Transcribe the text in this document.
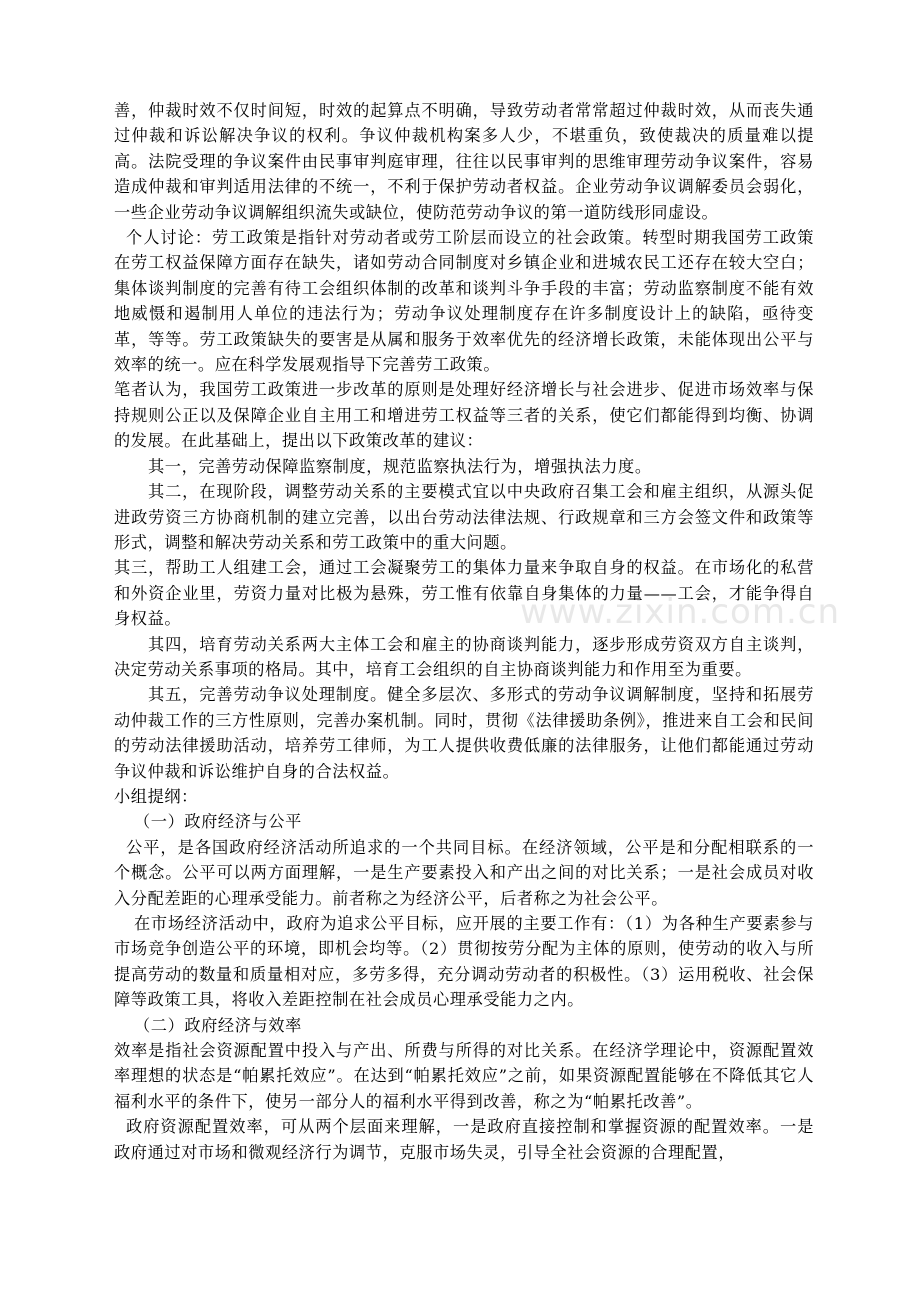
www.zixin.com.cn

善，仲裁时效不仅时间短，时效的起算点不明确，导致劳动者常常超过仲裁时效，从而丧失通过仲裁和诉讼解决争议的权利。争议仲裁机构案多人少，不堪重负，致使裁决的质量难以提高。法院受理的争议案件由民事审判庭审理，往往以民事审判的思维审理劳动争议案件，容易造成仲裁和审判适用法律的不统一，不利于保护劳动者权益。企业劳动争议调解委员会弱化，一些企业劳动争议调解组织流失或缺位，使防范劳动争议的第一道防线形同虚设。

个人讨论：劳工政策是指针对劳动者或劳工阶层而设立的社会政策。转型时期我国劳工政策在劳工权益保障方面存在缺失，诸如劳动合同制度对乡镇企业和进城农民工还存在较大空白；集体谈判制度的完善有待工会组织体制的改革和谈判斗争手段的丰富；劳动监察制度不能有效地威慑和遏制用人单位的违法行为；劳动争议处理制度存在许多制度设计上的缺陷，亟待变革，等等。劳工政策缺失的要害是从属和服务于效率优先的经济增长政策，未能体现出公平与效率的统一。应在科学发展观指导下完善劳工政策。

笔者认为，我国劳工政策进一步改革的原则是处理好经济增长与社会进步、促进市场效率与保持规则公正以及保障企业自主用工和增进劳工权益等三者的关系，使它们都能得到均衡、协调的发展。在此基础上，提出以下政策改革的建议：

其一，完善劳动保障监察制度，规范监察执法行为，增强执法力度。

其二，在现阶段，调整劳动关系的主要模式宜以中央政府召集工会和雇主组织，从源头促进政劳资三方协商机制的建立完善，以出台劳动法律法规、行政规章和三方会签文件和政策等形式，调整和解决劳动关系和劳工政策中的重大问题。

其三，帮助工人组建工会，通过工会凝聚劳工的集体力量来争取自身的权益。在市场化的私营和外资企业里，劳资力量对比极为悬殊，劳工惟有依靠自身集体的力量——工会，才能争得自身权益。

其四，培育劳动关系两大主体工会和雇主的协商谈判能力，逐步形成劳资双方自主谈判，决定劳动关系事项的格局。其中，培育工会组织的自主协商谈判能力和作用至为重要。

其五，完善劳动争议处理制度。健全多层次、多形式的劳动争议调解制度，坚持和拓展劳动仲裁工作的三方性原则，完善办案机制。同时，贯彻《法律援助条例》，推进来自工会和民间的劳动法律援助活动，培养劳工律师，为工人提供收费低廉的法律服务，让他们都能通过劳动争议仲裁和诉讼维护自身的合法权益。

小组提纲：

（一）政府经济与公平

公平，是各国政府经济活动所追求的一个共同目标。在经济领域，公平是和分配相联系的一个概念。公平可以两方面理解，一是生产要素投入和产出之间的对比关系；一是社会成员对收入分配差距的心理承受能力。前者称之为经济公平，后者称之为社会公平。

在市场经济活动中，政府为追求公平目标，应开展的主要工作有：（1）为各种生产要素参与市场竞争创造公平的环境，即机会均等。（2）贯彻按劳分配为主体的原则，使劳动的收入与所提高劳动的数量和质量相对应，多劳多得，充分调动劳动者的积极性。（3）运用税收、社会保障等政策工具，将收入差距控制在社会成员心理承受能力之内。

（二）政府经济与效率

效率是指社会资源配置中投入与产出、所费与所得的对比关系。在经济学理论中，资源配置效率理想的状态是“帕累托效应”。在达到“帕累托效应”之前，如果资源配置能够在不降低其它人福利水平的条件下，使另一部分人的福利水平得到改善，称之为“帕累托改善”。

政府资源配置效率，可从两个层面来理解，一是政府直接控制和掌握资源的配置效率。一是政府通过对市场和微观经济行为调节，克服市场失灵，引导全社会资源的合理配置，
